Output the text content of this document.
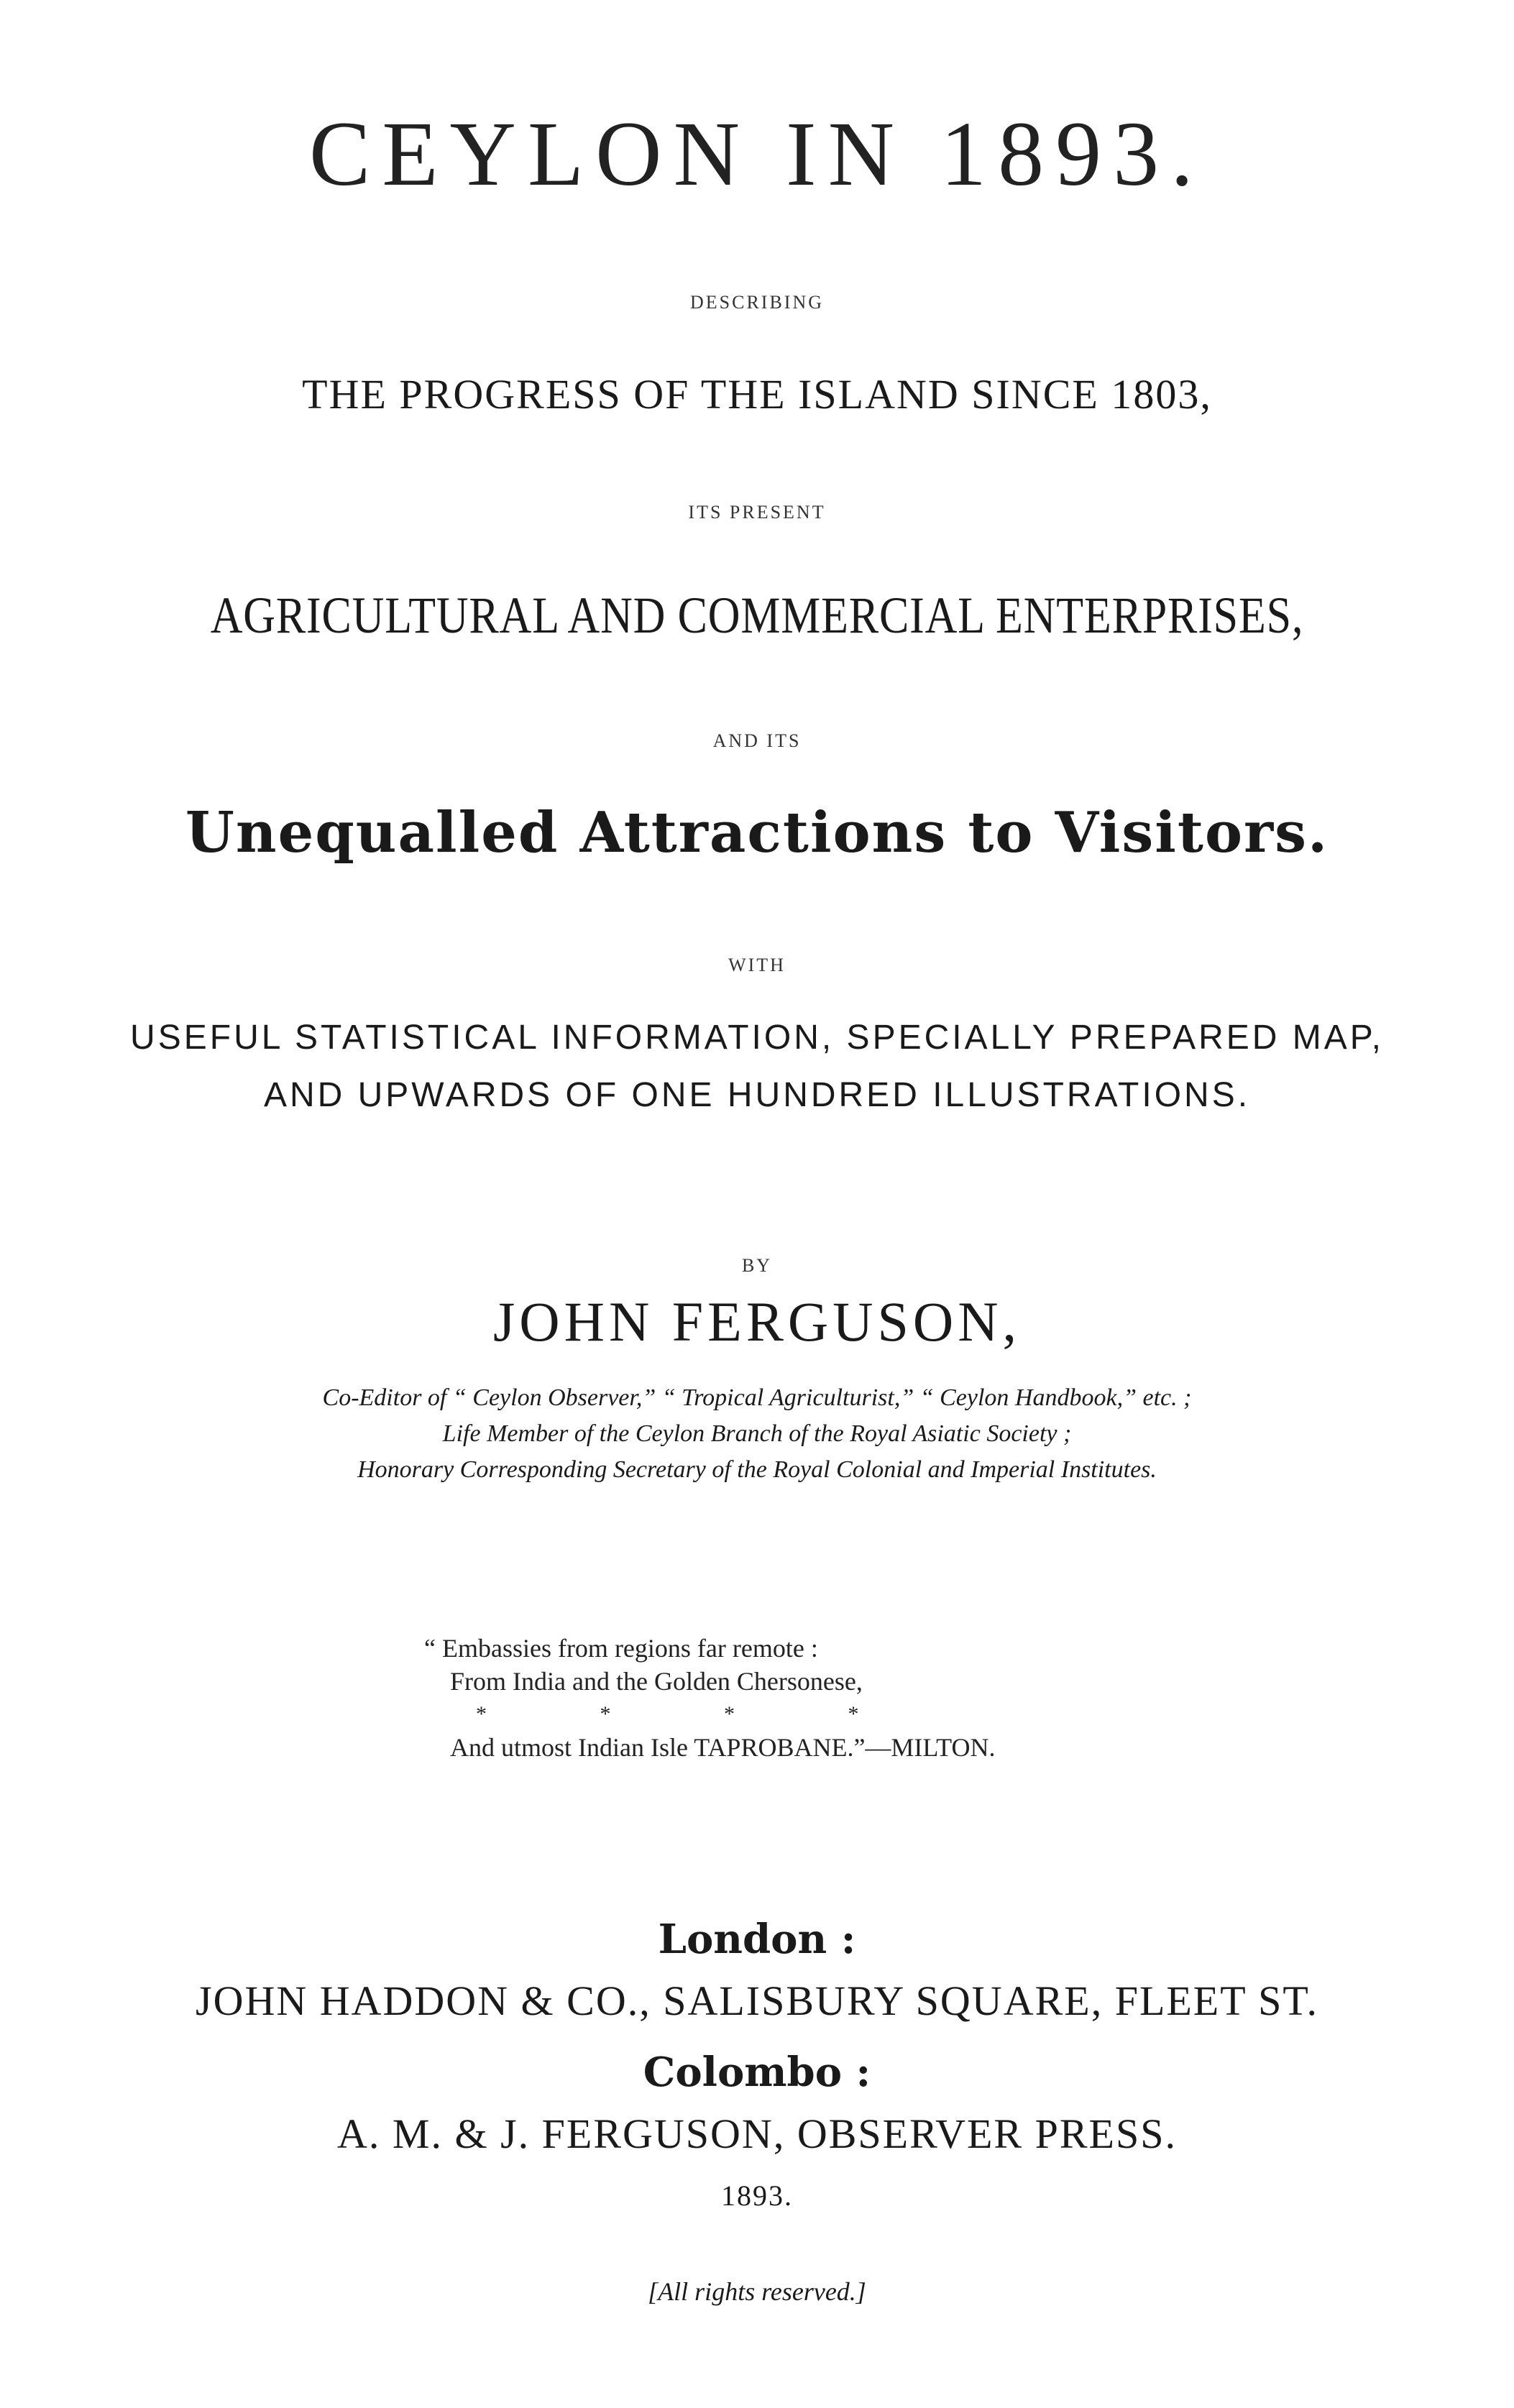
CEYLON IN 1893.
DESCRIBING
THE PROGRESS OF THE ISLAND SINCE 1803,
ITS PRESENT
AGRICULTURAL AND COMMERCIAL ENTERPRISES,
AND ITS
Unequalled Attractions to Visitors.
WITH
USEFUL STATISTICAL INFORMATION, SPECIALLY PREPARED MAP,
AND UPWARDS OF ONE HUNDRED ILLUSTRATIONS.
BY
JOHN FERGUSON,
Co-Editor of “ Ceylon Observer,” “ Tropical Agriculturist,” “ Ceylon Handbook,” etc. ;
Life Member of the Ceylon Branch of the Royal Asiatic Society ;
Honorary Corresponding Secretary of the Royal Colonial and Imperial Institutes.
“ Embassies from regions far remote :
From India and the Golden Chersonese,
* * * *
And utmost Indian Isle TAPROBANE.”—MILTON.
London :
JOHN HADDON & CO., SALISBURY SQUARE, FLEET ST.
Colombo :
A. M. & J. FERGUSON, OBSERVER PRESS.
1893.
[All rights reserved.]
